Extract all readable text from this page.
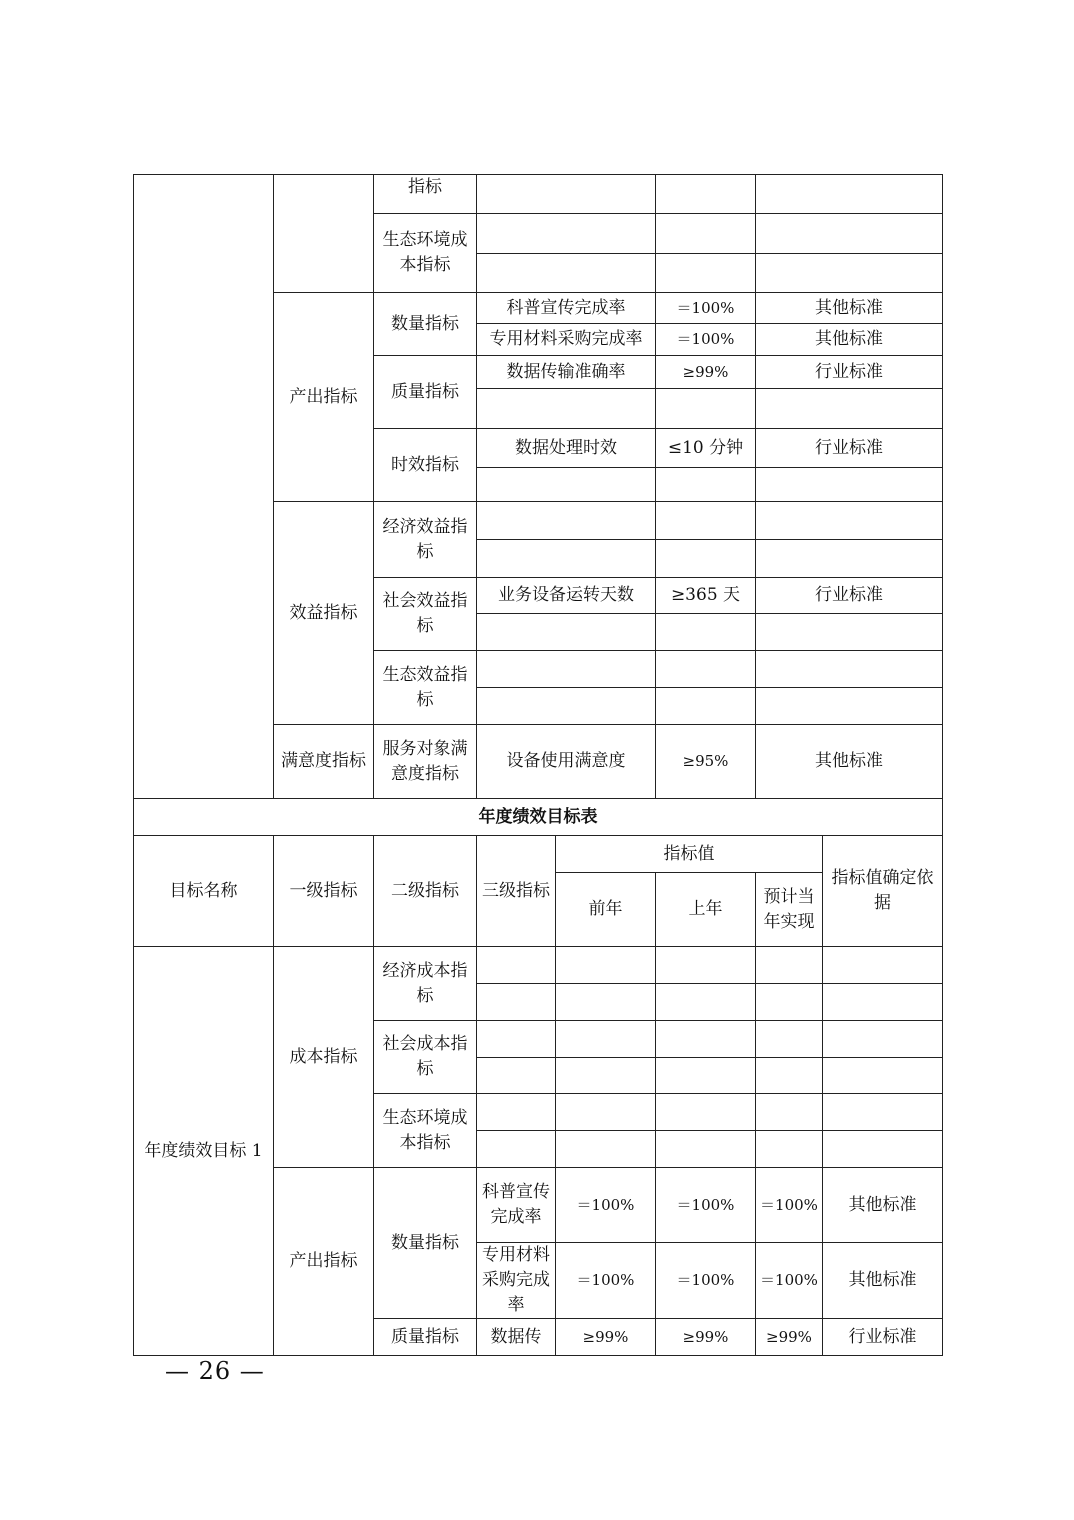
		指标			
		生态环境成本指标			

	产出指标	数量指标	科普宣传完成率	＝100%	其他标准
			专用材料采购完成率	＝100%	其他标准
		质量指标	数据传输准确率	≥99%	行业标准

		时效指标	数据处理时效	≤10 分钟	行业标准

	效益指标	经济效益指标			

		社会效益指标	业务设备运转天数	≥365 天	行业标准

		生态效益指标			

	满意度指标	服务对象满意度指标	设备使用满意度	≥95%	其他标准
年度绩效目标表							
目标名称	一级指标	二级指标	三级指标	指标值			指标值确定依据
				前年	上年	预计当年实现	
年度绩效目标 1	成本指标	经济成本指标					

		社会成本指标					

		生态环境成本指标					

	产出指标	数量指标	科普宣传完成率	＝100%	＝100%	＝100%	其他标准
			专用材料采购完成率	＝100%	＝100%	＝100%	其他标准
		质量指标	数据传	≥99%	≥99%	≥99%	行业标准
— 26 —
